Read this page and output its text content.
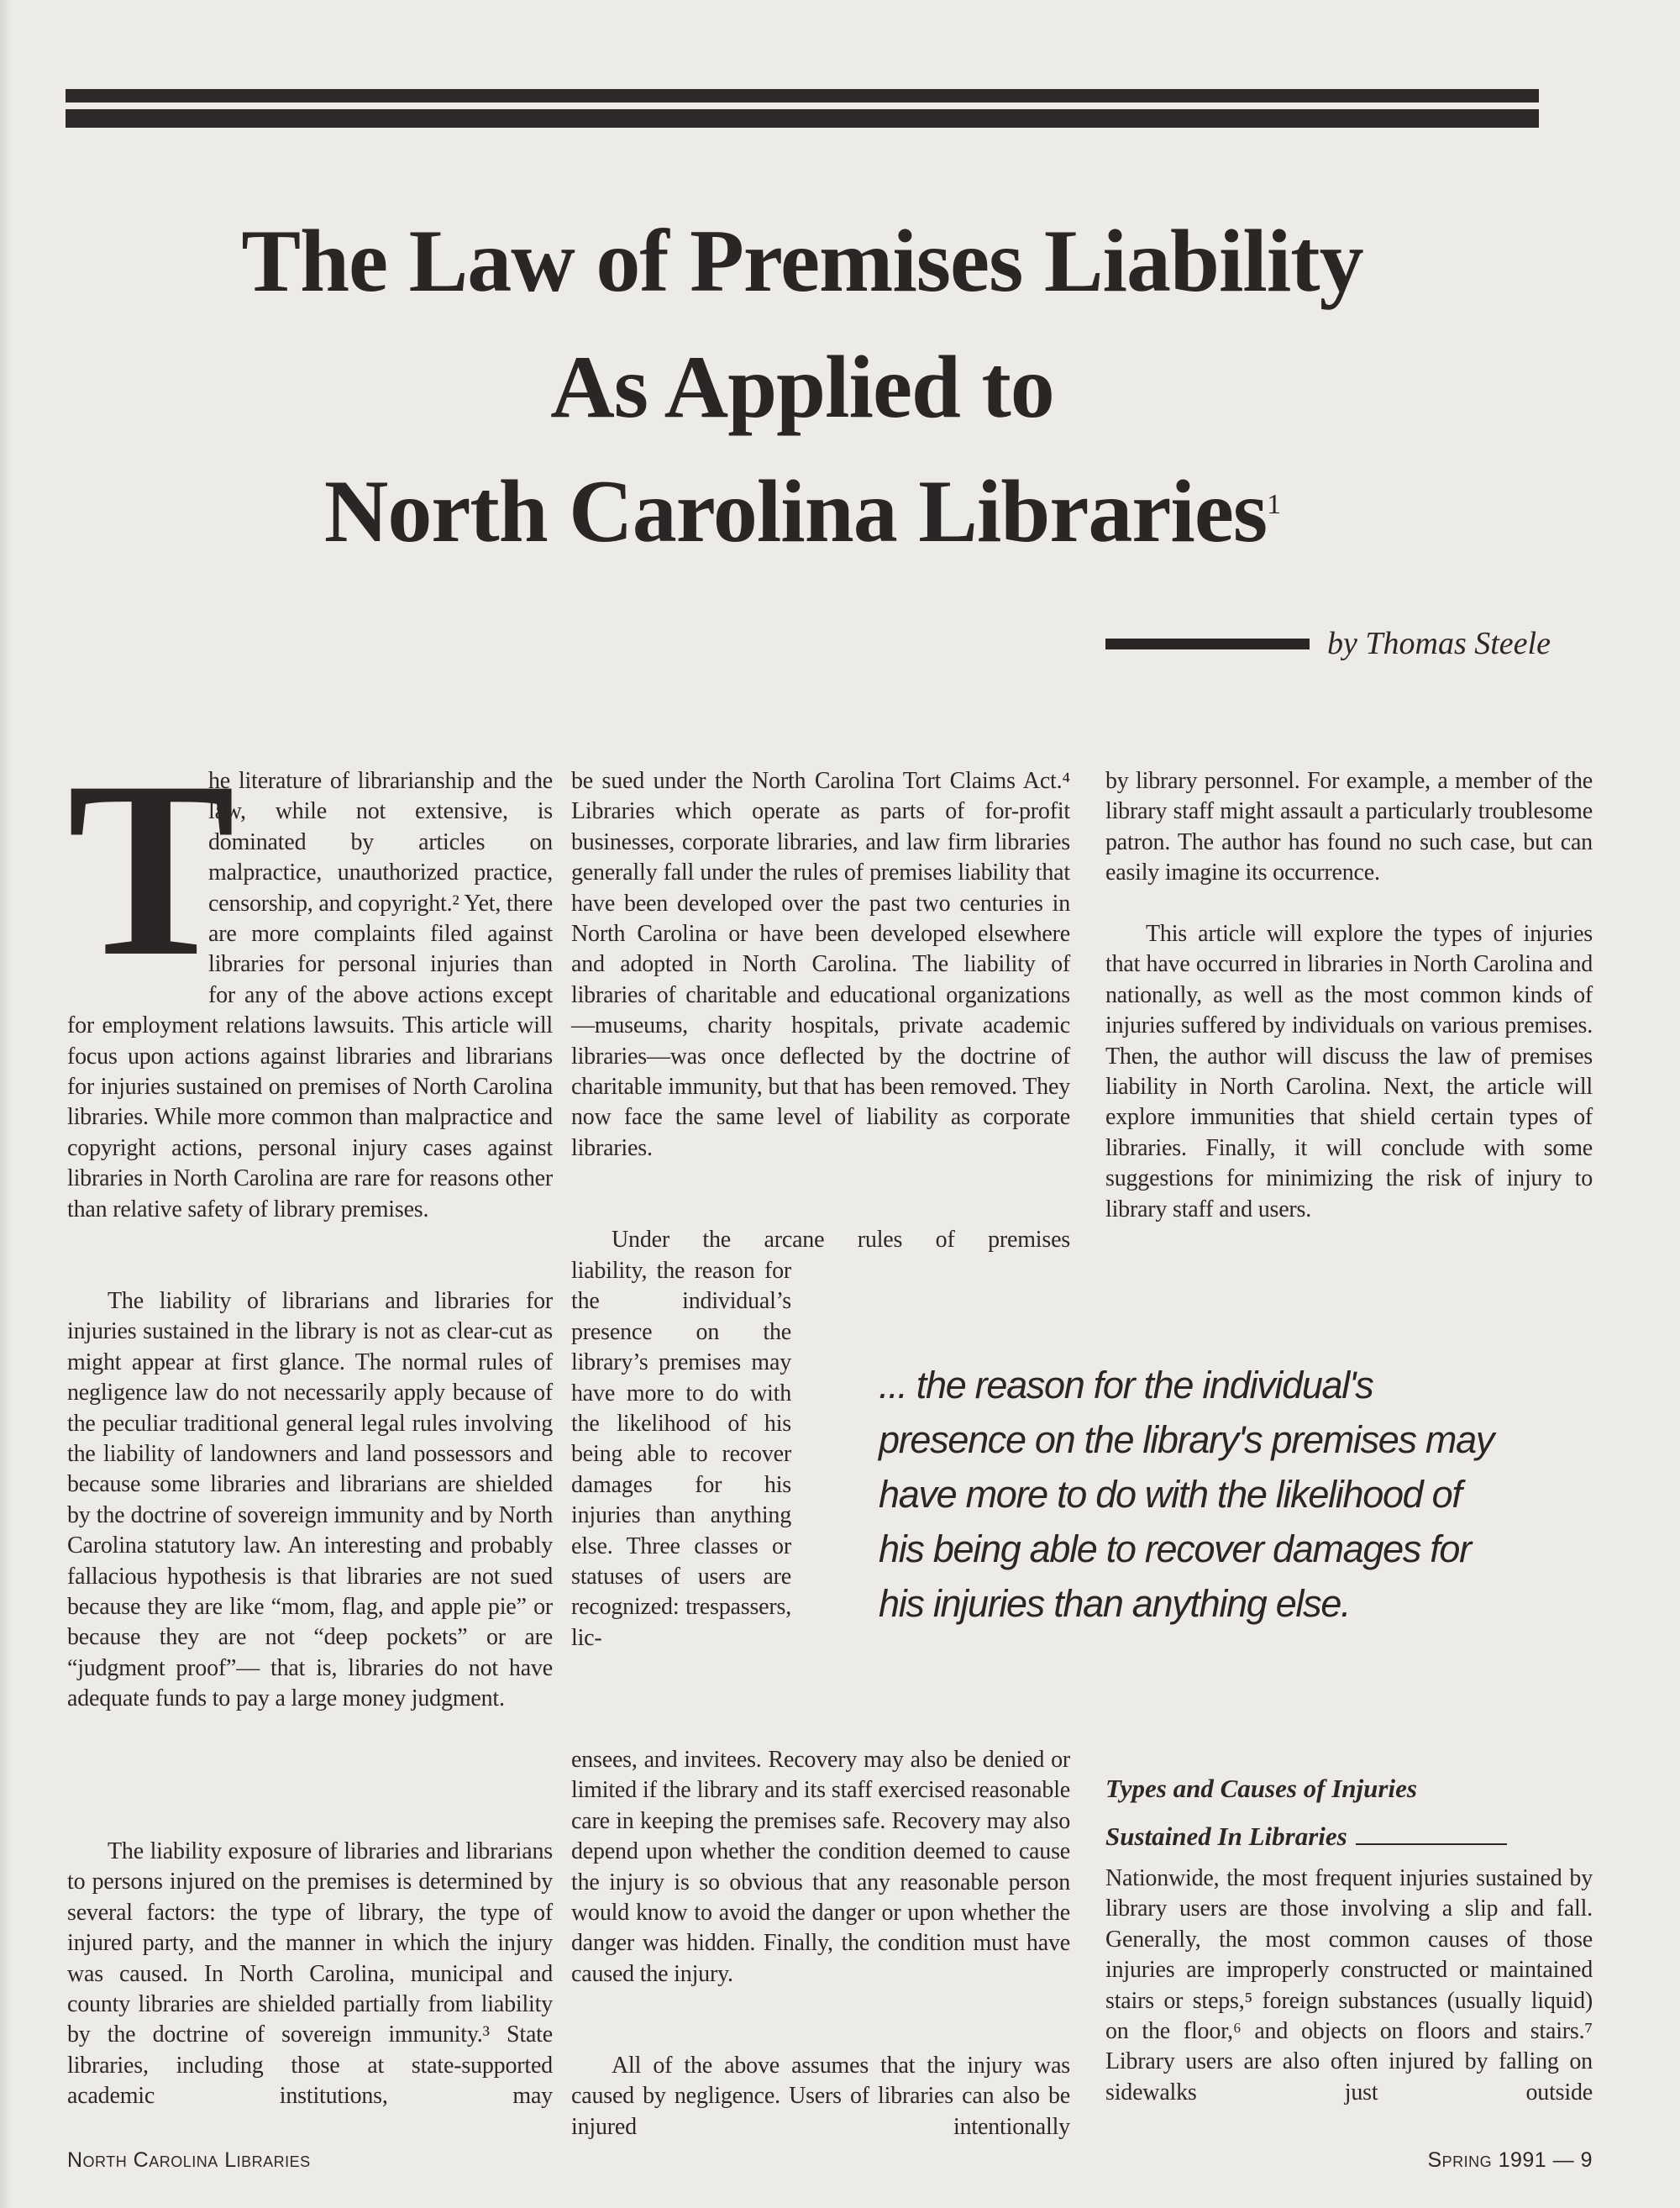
The Law of Premises Liability
As Applied to
North Carolina Libraries$^1$
by Thomas Steele
T
he literature of librarianship and the law, while not extensive, is dominated by articles on malpractice, unauthorized practice, censorship, and copyright.² Yet, there are more complaints filed against libraries for personal injuries than for any of the above actions except for employment relations lawsuits. This article will focus upon actions against libraries and librarians for injuries sustained on premises of North Carolina libraries. While more common than malpractice and copyright actions, personal injury cases against libraries in North Carolina are rare for reasons other than relative safety of library premises.

The liability of librarians and libraries for injuries sustained in the library is not as clear-cut as might appear at first glance. The normal rules of negligence law do not necessarily apply because of the peculiar traditional general legal rules involving the liability of landowners and land possessors and because some libraries and librarians are shielded by the doctrine of sovereign immunity and by North Carolina statutory law. An interesting and probably fallacious hypothesis is that libraries are not sued because they are like “mom, flag, and apple pie” or because they are not “deep pockets” or are “judgment proof”— that is, libraries do not have adequate funds to pay a large money judgment.

The liability exposure of libraries and librarians to persons injured on the premises is determined by several factors: the type of library, the type of injured party, and the manner in which the injury was caused. In North Carolina, municipal and county libraries are shielded partially from liability by the doctrine of sovereign immunity.³ State libraries, including those at state-supported academic institutions, may

be sued under the North Carolina Tort Claims Act.⁴ Libraries which operate as parts of for-profit businesses, corporate libraries, and law firm libraries generally fall under the rules of premises liability that have been developed over the past two centuries in North Carolina or have been developed elsewhere and adopted in North Carolina. The liability of libraries of charitable and educational organizations—museums, charity hospitals, private academic libraries—was once deflected by the doctrine of charitable immunity, but that has been removed. They now face the same level of liability as corporate libraries.

Under the arcane rules of premises

liability, the reason for the individual’s presence on the library’s premises may have more to do with the likelihood of his being able to recover damages for his injuries than anything else. Three classes or statuses of users are recognized: trespassers, lic-

ensees, and invitees. Recovery may also be denied or limited if the library and its staff exercised reasonable care in keeping the premises safe. Recovery may also depend upon whether the condition deemed to cause the injury is so obvious that any reasonable person would know to avoid the danger or upon whether the danger was hidden. Finally, the condition must have caused the injury.

All of the above assumes that the injury was caused by negligence. Users of libraries can also be injured intentionally

by library personnel. For example, a member of the library staff might assault a particularly troublesome patron. The author has found no such case, but can easily imagine its occurrence.

This article will explore the types of injuries that have occurred in libraries in North Carolina and nationally, as well as the most common kinds of injuries suffered by individuals on various premises. Then, the author will discuss the law of premises liability in North Carolina. Next, the article will explore immunities that shield certain types of libraries. Finally, it will conclude with some suggestions for minimizing the risk of injury to library staff and users.

... the reason for the individual's
presence on the library's premises may
have more to do with the likelihood of
his being able to recover damages for
his injuries than anything else.
Types and Causes of Injuries
Sustained In Libraries

Nationwide, the most frequent injuries sustained by library users are those involving a slip and fall. Generally, the most common causes of those injuries are improperly constructed or maintained stairs or steps,⁵ foreign substances (usually liquid) on the floor,⁶ and objects on floors and stairs.⁷ Library users are also often injured by falling on sidewalks just outside

North Carolina Libraries	Spring 1991 — 9
